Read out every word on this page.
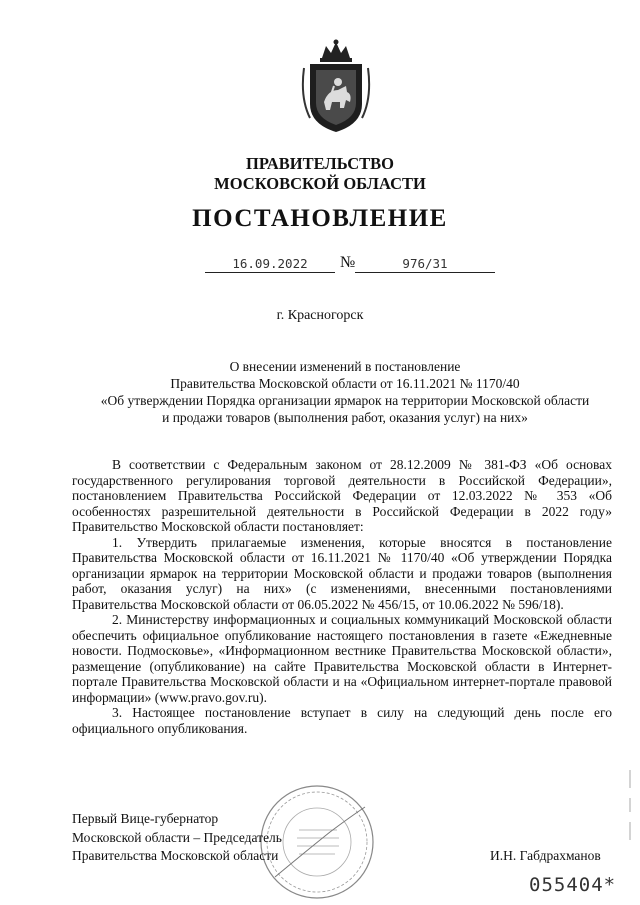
ПРАВИТЕЛЬСТВО
МОСКОВСКОЙ ОБЛАСТИ
ПОСТАНОВЛЕНИЕ
16.09.2022	№	976/31
г. Красногорск
О внесении изменений в постановление
Правительства Московской области от 16.11.2021 № 1170/40
«Об утверждении Порядка организации ярмарок на территории Московской области
и продажи товаров (выполнения работ, оказания услуг) на них»

В соответствии с Федеральным законом от 28.12.2009 № 381-ФЗ «Об основах государственного регулирования торговой деятельности в Российской Федерации», постановлением Правительства Российской Федерации от 12.03.2022 № 353 «Об особенностях разрешительной деятельности в Российской Федерации в 2022 году» Правительство Московской области постановляет:

1. Утвердить прилагаемые изменения, которые вносятся в постановление Правительства Московской области от 16.11.2021 № 1170/40 «Об утверждении Порядка организации ярмарок на территории Московской области и продажи товаров (выполнения работ, оказания услуг) на них» (с изменениями, внесенными постановлениями Правительства Московской области от 06.05.2022 № 456/15, от 10.06.2022 № 596/18).

2. Министерству информационных и социальных коммуникаций Московской области обеспечить официальное опубликование настоящего постановления в газете «Ежедневные новости. Подмосковье», «Информационном вестнике Правительства Московской области», размещение (опубликование) на сайте Правительства Московской области в Интернет-портале Правительства Московской области и на «Официальном интернет-портале правовой информации» (www.pravo.gov.ru).

3. Настоящее постановление вступает в силу на следующий день после его официального опубликования.

Первый Вице-губернатор
Московской области – Председатель
Правительства Московской области	И.Н. Габдрахманов
055404*
